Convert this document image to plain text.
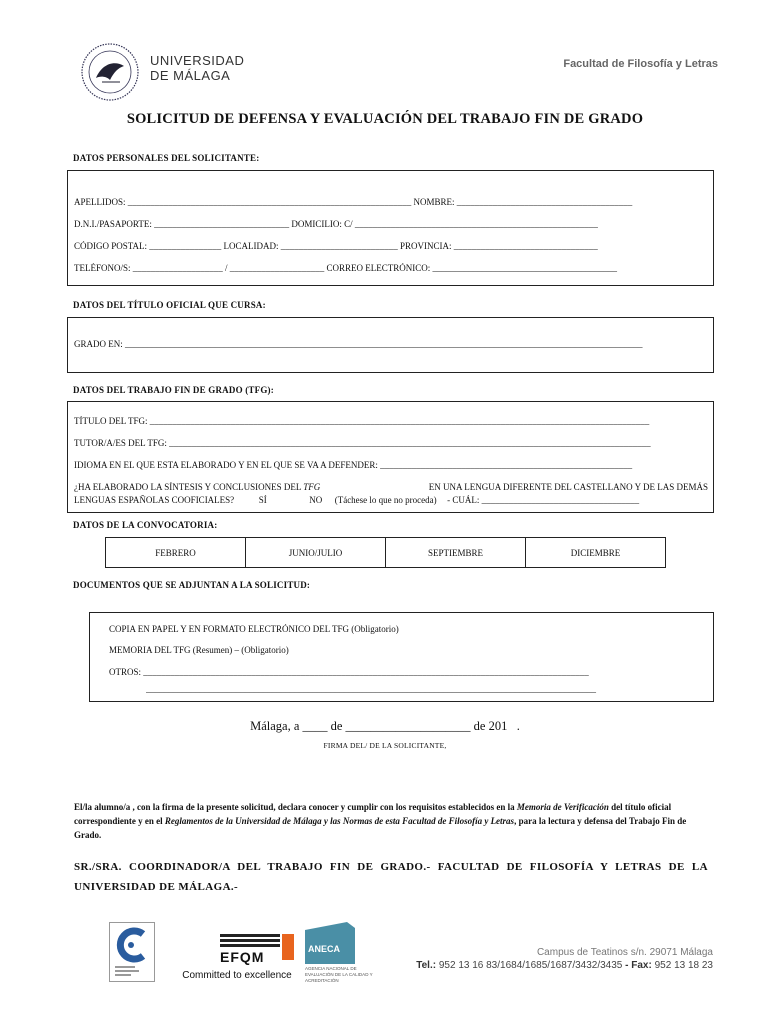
UNIVERSIDAD
DE MÁLAGA
Facultad de Filosofía y Letras
SOLICITUD DE DEFENSA Y EVALUACIÓN DEL TRABAJO FIN DE GRADO
DATOS PERSONALES DEL SOLICITANTE:
APELLIDOS: _______________________________________________________________ NOMBRE: _______________________________________
D.N.I./PASAPORTE: ______________________________ DOMICILIO: C/ ______________________________________________________
CÓDIGO POSTAL: ________________ LOCALIDAD: __________________________ PROVINCIA: ________________________________
TELÉFONO/S: ____________________ / _____________________ CORREO ELECTRÓNICO: _________________________________________
DATOS DEL TÍTULO OFICIAL QUE CURSA:
GRADO EN: ___________________________________________________________________________________________________________________
DATOS DEL TRABAJO FIN DE GRADO (TFG):
TÍTULO DEL TFG: _______________________________________________________________________________________________________________
TUTOR/A/ES DEL TFG: ___________________________________________________________________________________________________________
IDIOMA EN EL QUE ESTA ELABORADO Y EN EL QUE SE VA A DEFENDER: ________________________________________________________
¿HA ELABORADO LA SÍNTESIS Y CONCLUSIONES DEL TFG	EN UNA LENGUA DIFERENTE DEL CASTELLANO Y DE LAS DEMÁS
LENGUAS ESPAÑOLAS COOFICIALES?	SÍ	NO (Táchese lo que no proceda) - CUÁL: ___________________________________
DATOS DE LA CONVOCATORIA:
FEBRERO	JUNIO/JULIO	SEPTIEMBRE	DICIEMBRE
DOCUMENTOS QUE SE ADJUNTAN A LA SOLICITUD:
COPIA EN PAPEL Y EN FORMATO ELECTRÓNICO DEL TFG (Obligatorio)
MEMORIA DEL TFG (Resumen) – (Obligatorio)
OTROS: ___________________________________________________________________________________________________
____________________________________________________________________________________________________
Málaga, a ____ de ____________________ de 201   .
FIRMA DEL/ DE LA SOLICITANTE,
El/la alumno/a , con la firma de la presente solicitud, declara conocer y cumplir con los requisitos establecidos en la Memoria de Verificación del título oficial correspondiente y en el Reglamentos de la Universidad de Málaga y las Normas de esta Facultad de Filosofía y Letras, para la lectura y defensa del Trabajo Fin de Grado.
SR./SRA. COORDINADOR/A DEL TRABAJO FIN DE GRADO.- FACULTAD DE FILOSOFÍA Y LETRAS DE LA UNIVERSIDAD DE MÁLAGA.-
EFQM
Committed to excellence
ANECA
AGENCIA NACIONAL DE EVALUACIÓN DE LA CALIDAD Y ACREDITACIÓN
Campus de Teatinos s/n. 29071 Málaga
Tel.: 952 13 16 83/1684/1685/1687/3432/3435 - Fax: 952 13 18 23
